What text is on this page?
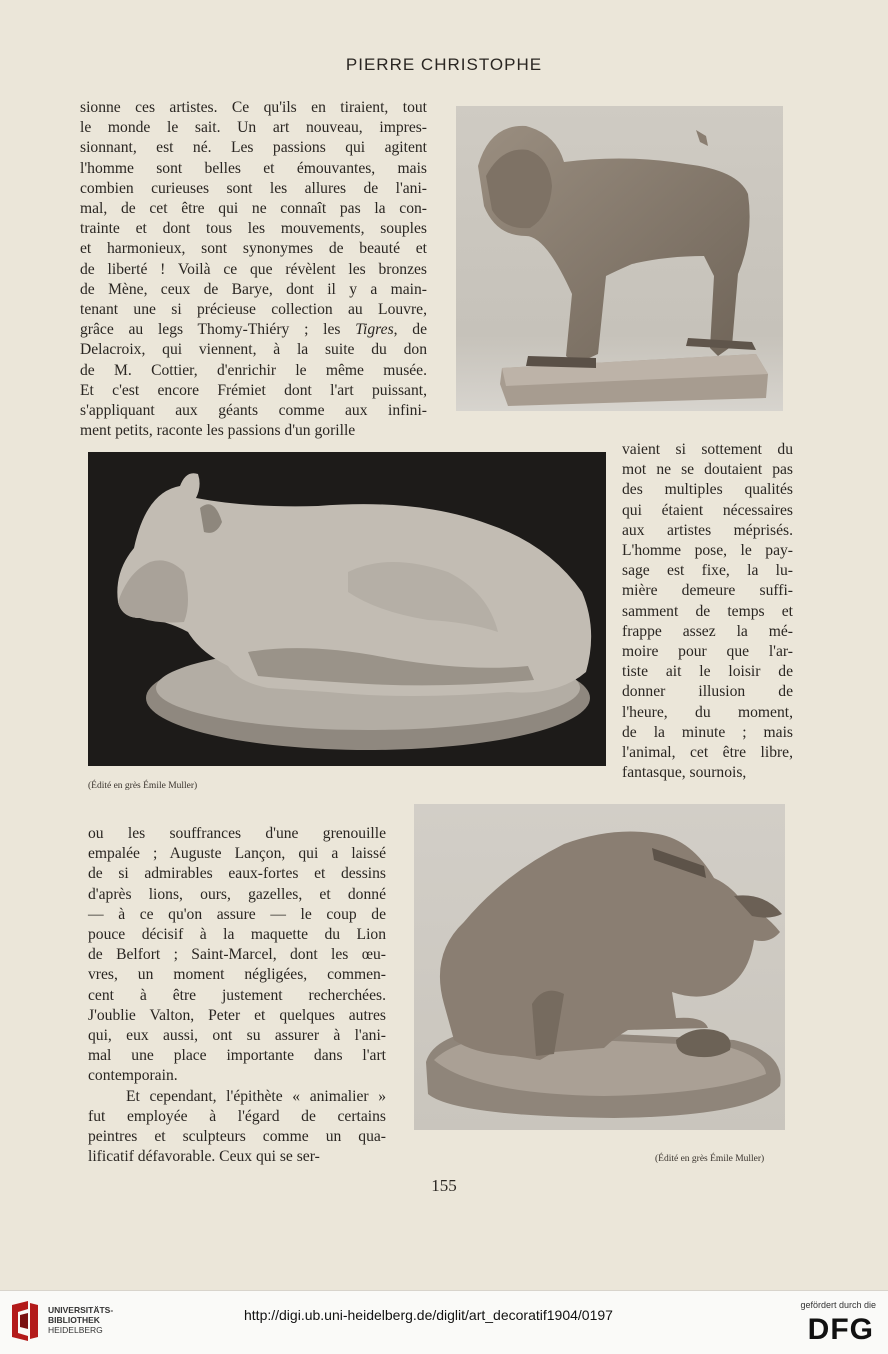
PIERRE CHRISTOPHE
sionne ces artistes. Ce qu'ils en tiraient, tout
le monde le sait. Un art nouveau, impres-
sionnant, est né. Les passions qui agitent
l'homme sont belles et émouvantes, mais
combien curieuses sont les allures de l'ani-
mal, de cet être qui ne connaît pas la con-
trainte et dont tous les mouvements, souples
et harmonieux, sont synonymes de beauté et
de liberté ! Voilà ce que révèlent les bronzes
de Mène, ceux de Barye, dont il y a main-
tenant une si précieuse collection au Louvre,
grâce au legs Thomy-Thiéry ; les Tigres, de
Delacroix, qui viennent, à la suite du don
de M. Cottier, d'enrichir le même musée.
Et c'est encore Frémiet dont l'art puissant,
s'appliquant aux géants comme aux infini-
ment petits, raconte les passions d'un gorille
(Édité en grès Émile Muller)
vaient si sottement du
mot ne se doutaient pas
des multiples qualités
qui étaient nécessaires
aux artistes méprisés.
L'homme pose, le pay-
sage est fixe, la lu-
mière demeure suffi-
samment de temps et
frappe assez la mé-
moire pour que l'ar-
tiste ait le loisir de
donner illusion de
l'heure, du moment,
de la minute ; mais
l'animal, cet être libre,
fantasque, sournois,
ou les souffrances d'une grenouille
empalée ; Auguste Lançon, qui a laissé
de si admirables eaux-fortes et dessins
d'après lions, ours, gazelles, et donné
— à ce qu'on assure — le coup de
pouce décisif à la maquette du Lion
de Belfort ; Saint-Marcel, dont les œu-
vres, un moment négligées, commen-
cent à être justement recherchées.
J'oublie Valton, Peter et quelques autres
qui, eux aussi, ont su assurer à l'ani-
mal une place importante dans l'art
contemporain.
Et cependant, l'épithète « animalier »
fut employée à l'égard de certains
peintres et sculpteurs comme un qua-
lificatif défavorable. Ceux qui se ser-	(Édité en grès Émile Muller)
155
UNIVERSITÄTS-
BIBLIOTHEK
HEIDELBERG
http://digi.ub.uni-heidelberg.de/diglit/art_decoratif1904/0197
gefördert durch die
DFG
